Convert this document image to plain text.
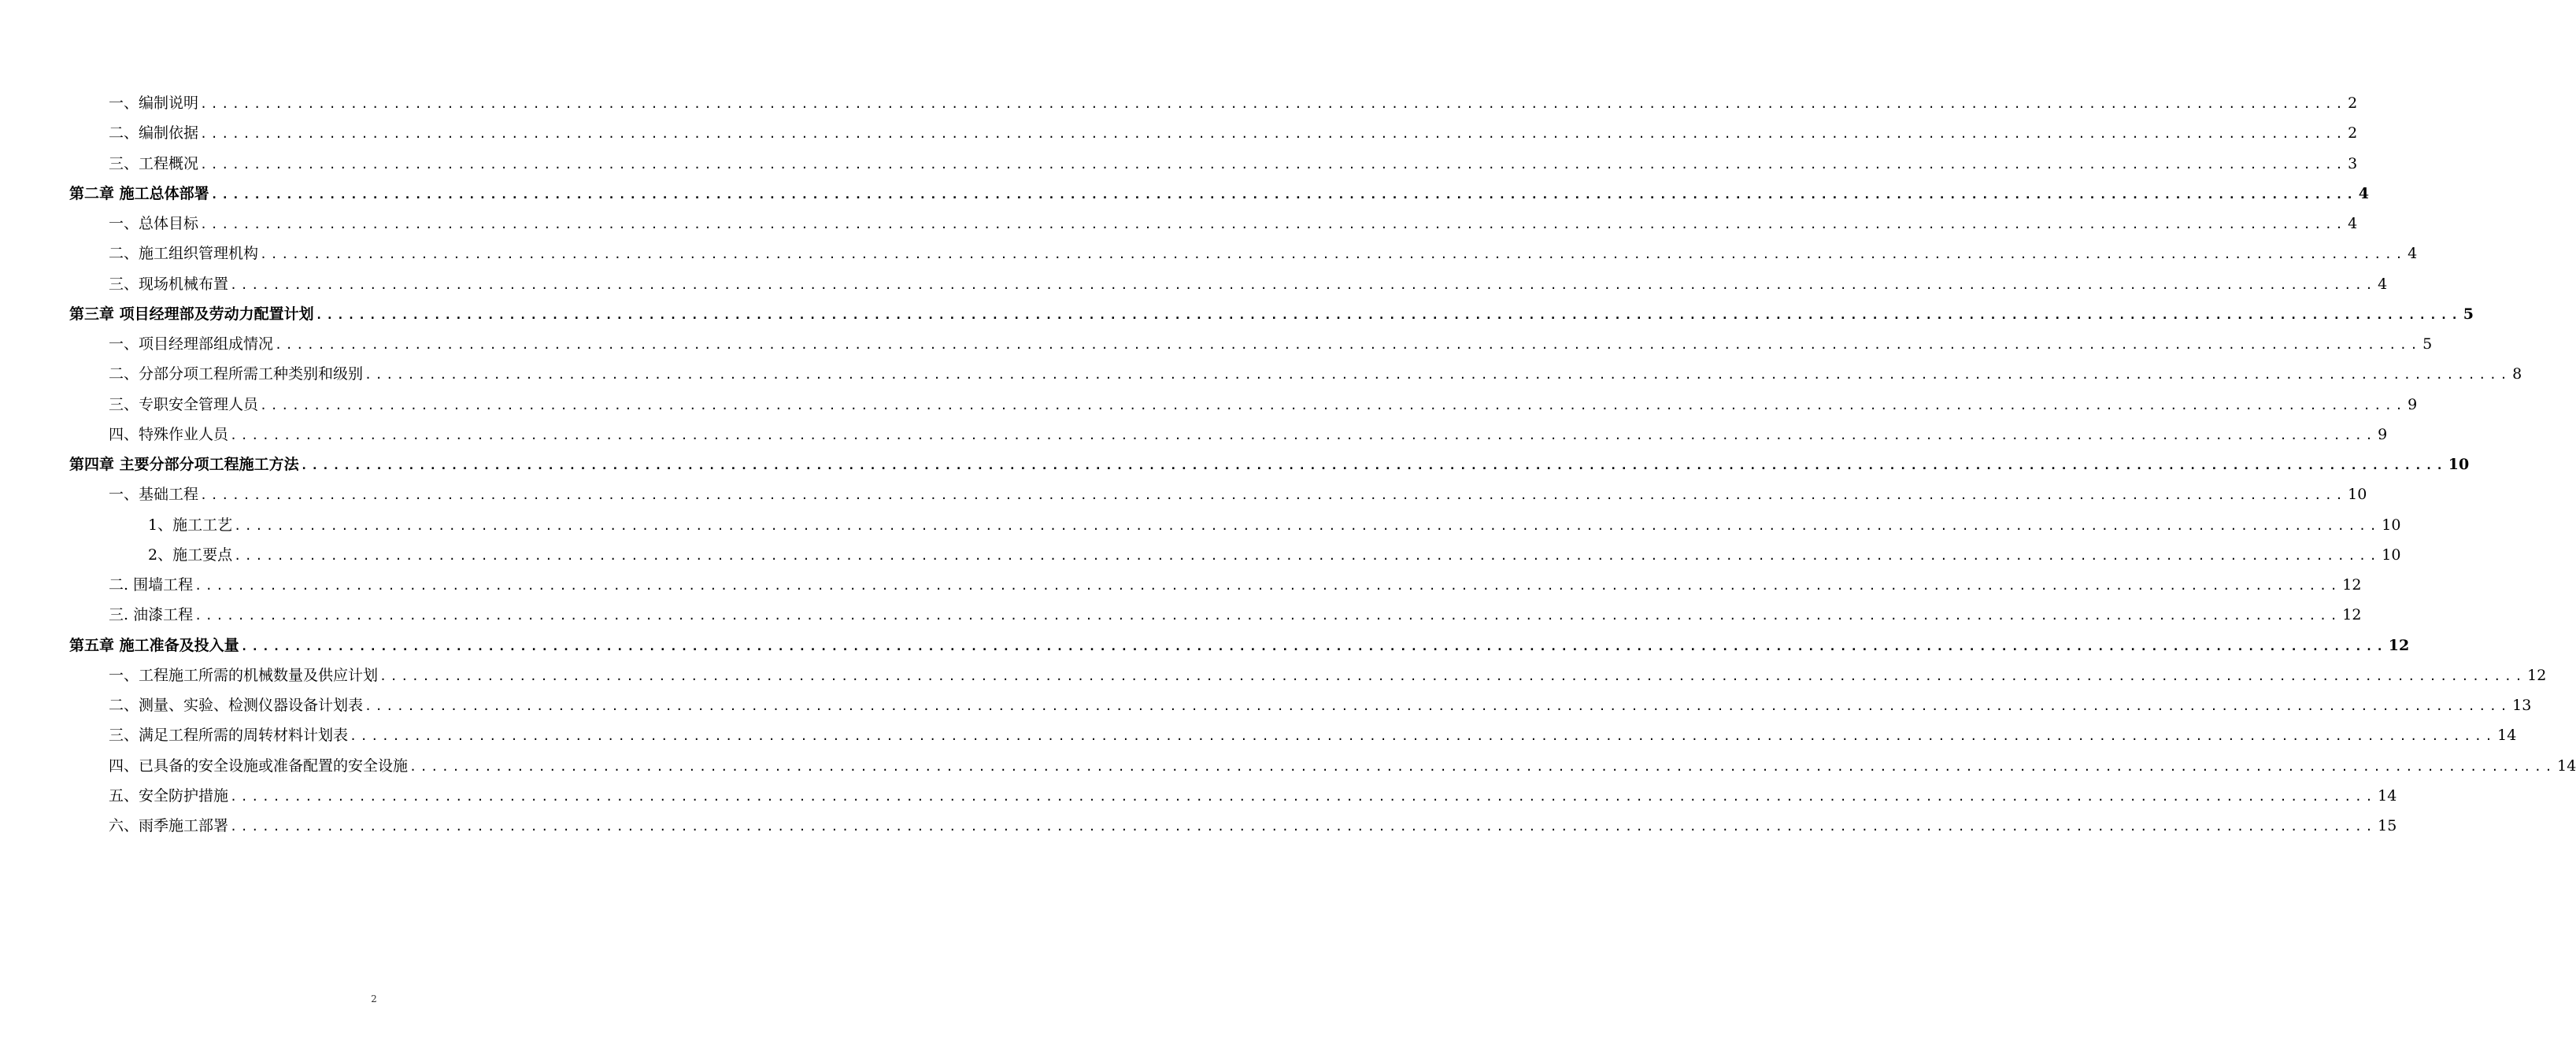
一、编制说明 ........................................................................................................................................................................................................ 2
二、编制依据 ........................................................................................................................................................................................................ 2
三、工程概况 ........................................................................................................................................................................................................ 3
第二章 施工总体部署 ........................................................................................................................................................................................................ 4
一、总体目标 ........................................................................................................................................................................................................ 4
二、施工组织管理机构 ........................................................................................................................................................................................................ 4
三、现场机械布置 ........................................................................................................................................................................................................ 4
第三章 项目经理部及劳动力配置计划 ........................................................................................................................................................................................................ 5
一、项目经理部组成情况 ........................................................................................................................................................................................................ 5
二、分部分项工程所需工种类别和级别 ........................................................................................................................................................................................................ 8
三、专职安全管理人员 ........................................................................................................................................................................................................ 9
四、特殊作业人员 ........................................................................................................................................................................................................ 9
第四章 主要分部分项工程施工方法 ........................................................................................................................................................................................................ 10
一、基础工程 ........................................................................................................................................................................................................ 10
1、施工工艺 ........................................................................................................................................................................................................ 10
2、施工要点 ........................................................................................................................................................................................................ 10
二. 围墙工程 ........................................................................................................................................................................................................ 12
三. 油漆工程 ........................................................................................................................................................................................................ 12
第五章 施工准备及投入量 ........................................................................................................................................................................................................ 12
一、工程施工所需的机械数量及供应计划 ........................................................................................................................................................................................................ 12
二、测量、实验、检测仪器设备计划表 ........................................................................................................................................................................................................ 13
三、满足工程所需的周转材料计划表 ........................................................................................................................................................................................................ 14
四、已具备的安全设施或准备配置的安全设施 ........................................................................................................................................................................................................ 14
五、安全防护措施 ........................................................................................................................................................................................................ 14
六、雨季施工部署 ........................................................................................................................................................................................................ 15
2
